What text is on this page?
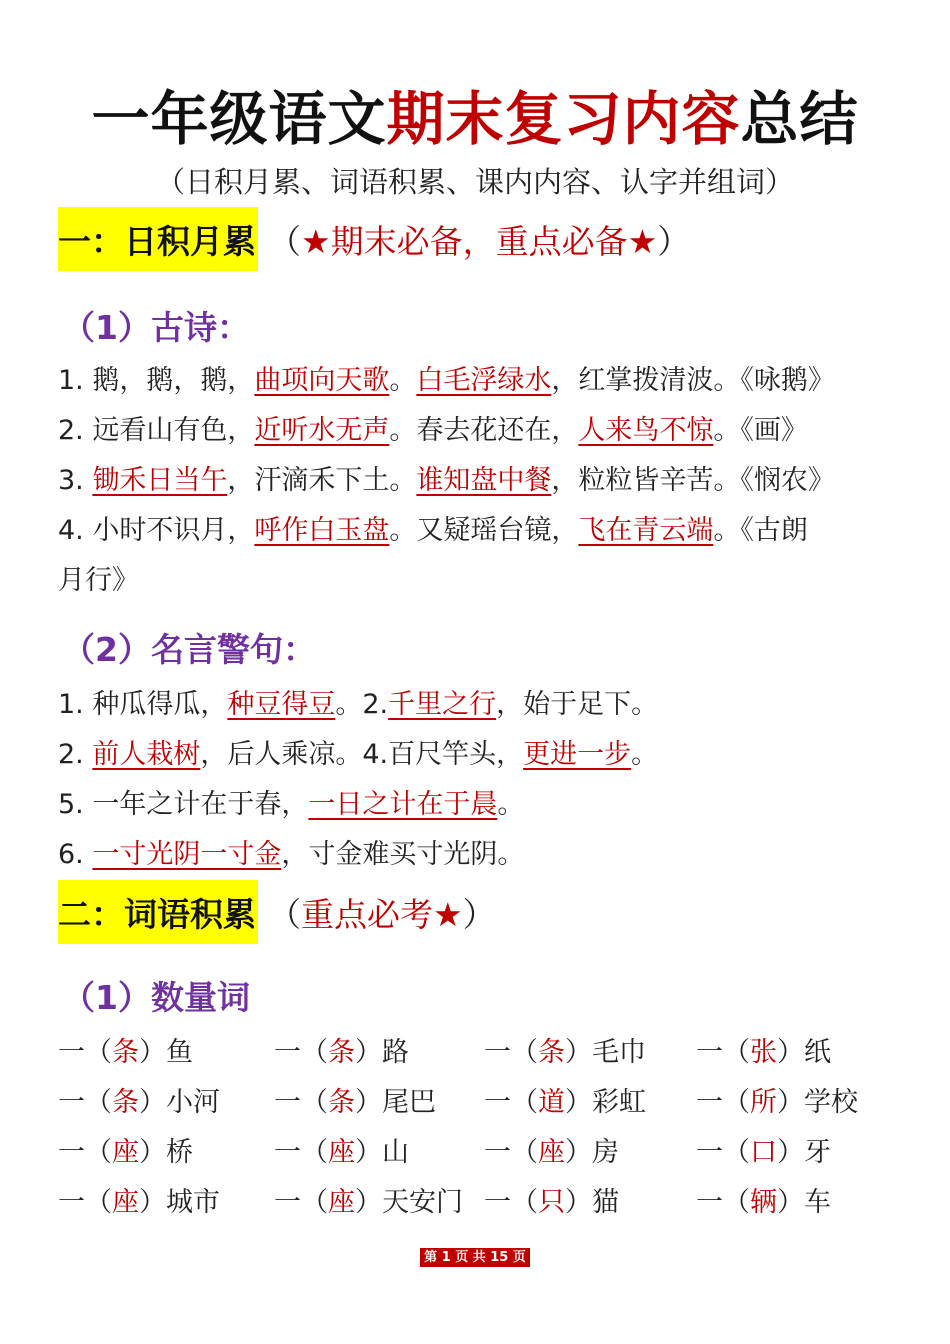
一年级语文期末复习内容总结
（日积月累、词语积累、课内内容、认字并组词）
一：日积月累 （★期末必备，重点必备★）
（1）古诗：
1. 鹅，鹅，鹅，曲项向天歌。白毛浮绿水，红掌拨清波。《咏鹅》
2. 远看山有色，近听水无声。春去花还在，人来鸟不惊。《画》
3. 锄禾日当午，汗滴禾下土。谁知盘中餐，粒粒皆辛苦。《悯农》
4. 小时不识月，呼作白玉盘。又疑瑶台镜，飞在青云端。《古朗
月行》
（2）名言警句：
1. 种瓜得瓜，种豆得豆。2.千里之行，始于足下。
2. 前人栽树，后人乘凉。4.百尺竿头，更进一步。
5. 一年之计在于春，一日之计在于晨。
6. 一寸光阴一寸金，寸金难买寸光阴。
二：词语积累 （重点必考★）
（1）数量词
一（条）鱼	一（条）路	一（条）毛巾 一（张）纸
一（条）小河 一（条）尾巴 一（道）彩虹 一（所）学校
一（座）桥	一（座）山	一（座）房	一（口）牙
一（座）城市 一（座）天安门 一（只）猫	一（辆）车
第 1 页 共 15 页
